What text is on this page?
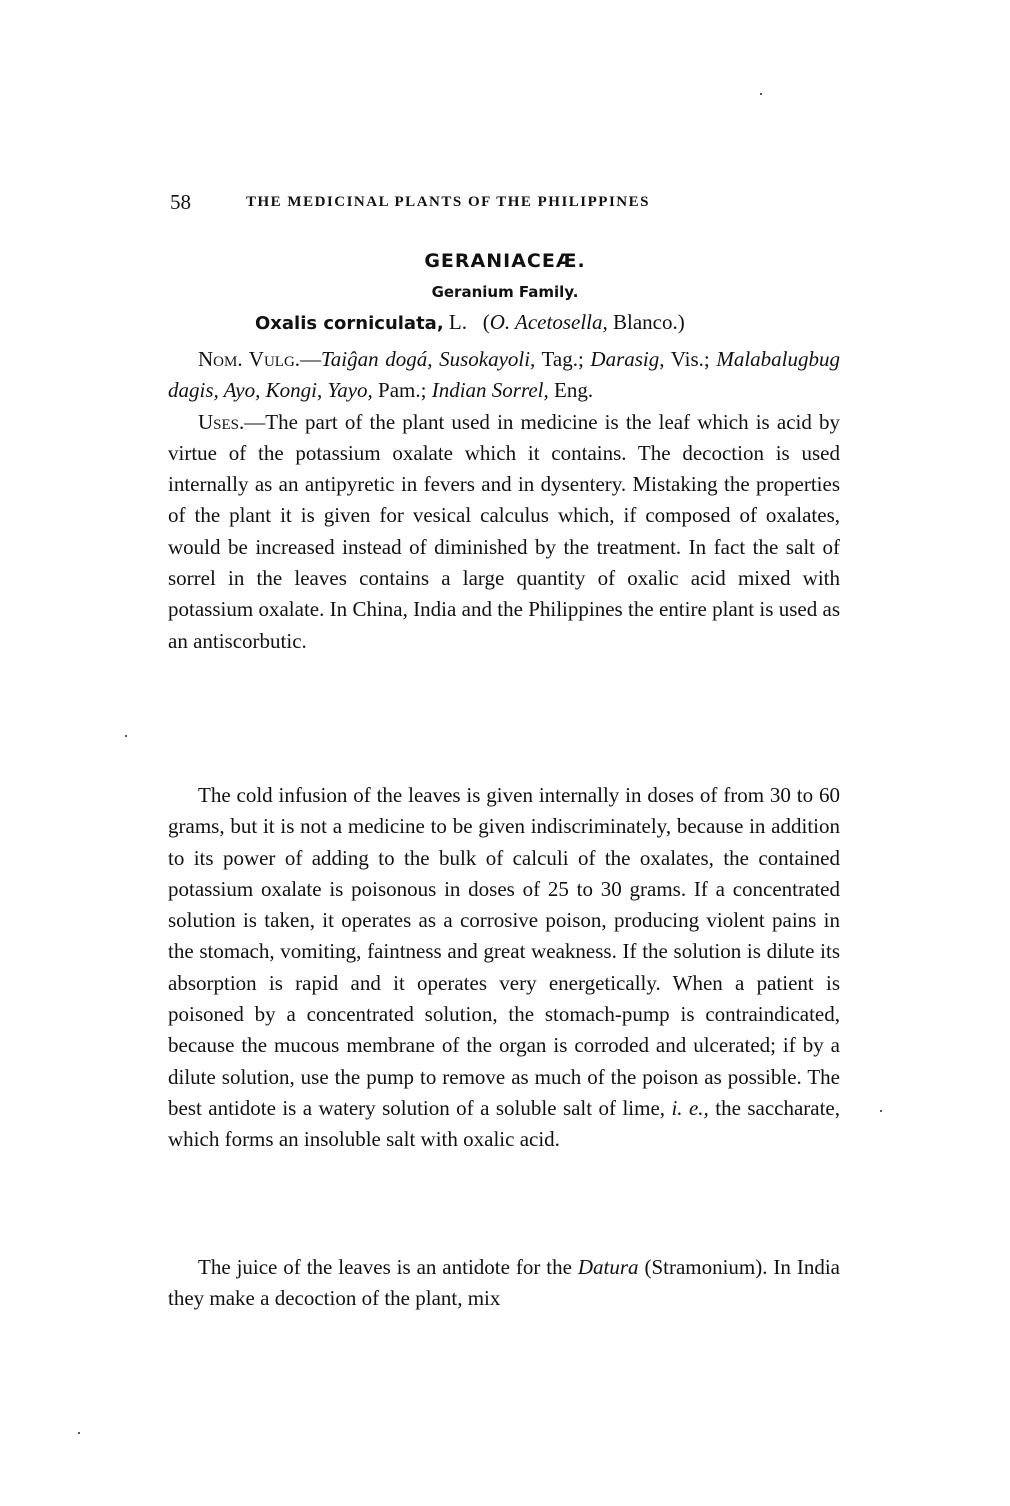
58	THE MEDICINAL PLANTS OF THE PHILIPPINES
GERANIACEÆ.
Geranium Family.
Oxalis corniculata, L. (O. Acetosella, Blanco.)

Nom. Vulg.—Taiĝan dogá, Susokayoli, Tag.; Darasig, Vis.; Malabalugbug dagis, Ayo, Kongi, Yayo, Pam.; Indian Sorrel, Eng.

Uses.—The part of the plant used in medicine is the leaf which is acid by virtue of the potassium oxalate which it contains. The decoction is used internally as an antipyretic in fevers and in dysentery. Mistaking the properties of the plant it is given for vesical calculus which, if composed of oxalates, would be increased instead of diminished by the treatment. In fact the salt of sorrel in the leaves contains a large quantity of oxalic acid mixed with potassium oxalate. In China, India and the Philippines the entire plant is used as an antiscorbutic.

The cold infusion of the leaves is given internally in doses of from 30 to 60 grams, but it is not a medicine to be given indiscriminately, because in addition to its power of adding to the bulk of calculi of the oxalates, the contained potassium oxalate is poisonous in doses of 25 to 30 grams. If a concentrated solution is taken, it operates as a corrosive poison, producing violent pains in the stomach, vomiting, faintness and great weakness. If the solution is dilute its absorption is rapid and it operates very energetically. When a patient is poisoned by a concentrated solution, the stomach-pump is contraindicated, because the mucous membrane of the organ is corroded and ulcerated; if by a dilute solution, use the pump to remove as much of the poison as possible. The best antidote is a watery solution of a soluble salt of lime, i. e., the saccharate, which forms an insoluble salt with oxalic acid.

The juice of the leaves is an antidote for the Datura (Stramonium). In India they make a decoction of the plant, mix
